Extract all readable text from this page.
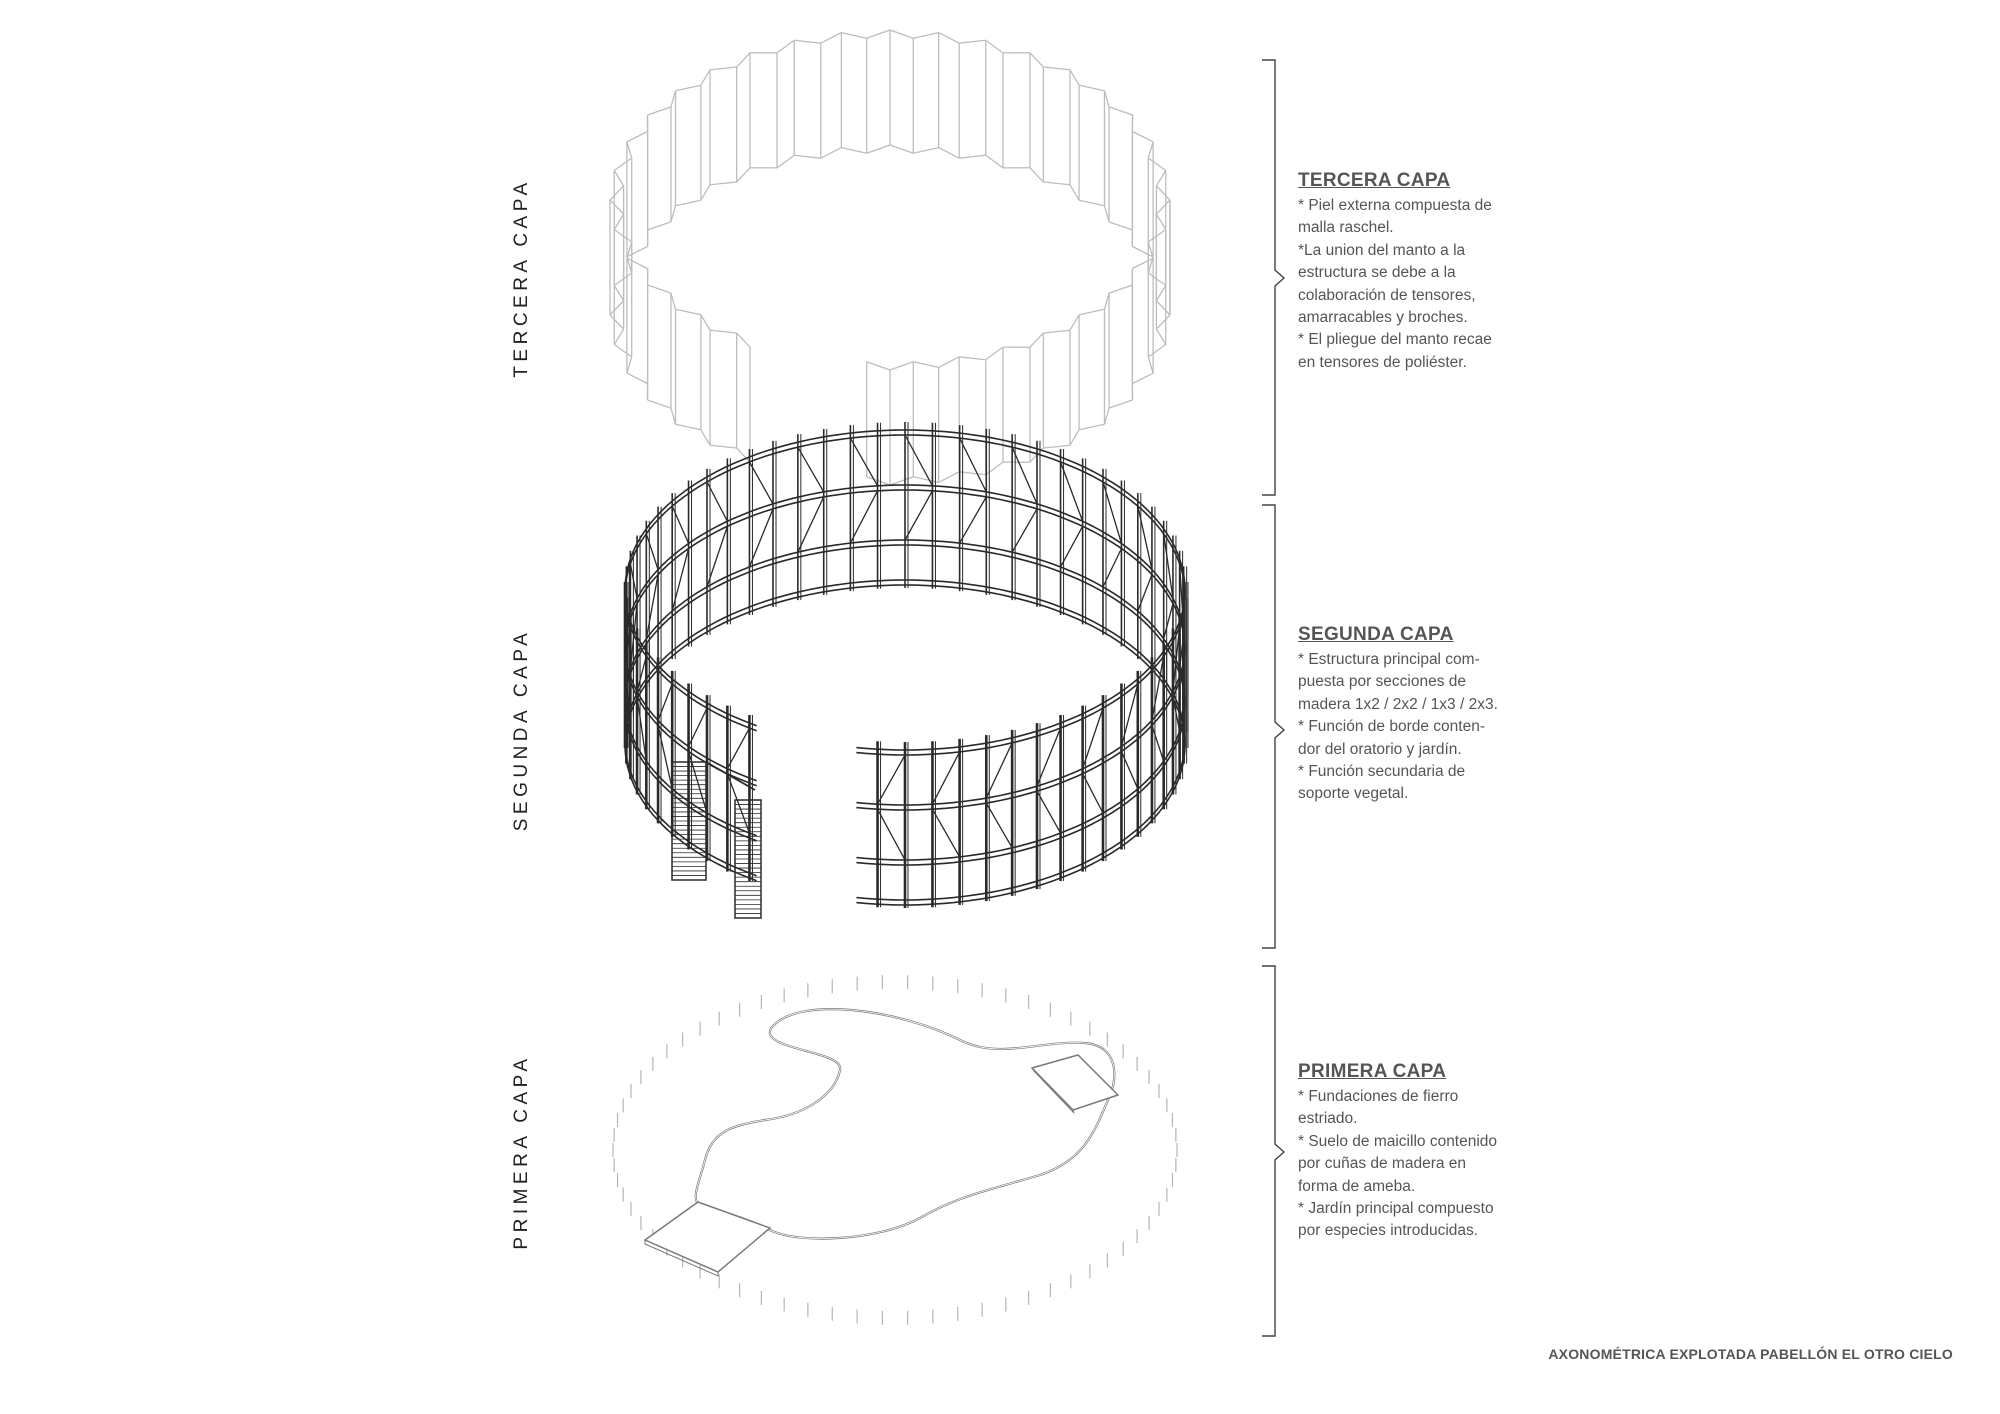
TERCERA CAPA
SEGUNDA CAPA
PRIMERA CAPA
TERCERA CAPA
* Piel externa compuesta de
malla raschel.
*La union del manto a la
estructura se debe a la
colaboración de tensores,
amarracables y broches.
* El pliegue del manto recae
en tensores de poliéster.
SEGUNDA CAPA
* Estructura principal com-
puesta por secciones de
madera 1x2 / 2x2 / 1x3 / 2x3.
* Función de borde conten-
dor del oratorio y jardín.
* Función secundaria de
soporte vegetal.
PRIMERA CAPA
* Fundaciones de fierro
estriado.
* Suelo de maicillo contenido
por cuñas de madera en
forma de ameba.
* Jardín principal compuesto
por especies introducidas.
AXONOMÉTRICA EXPLOTADA PABELLÓN EL OTRO CIELO
